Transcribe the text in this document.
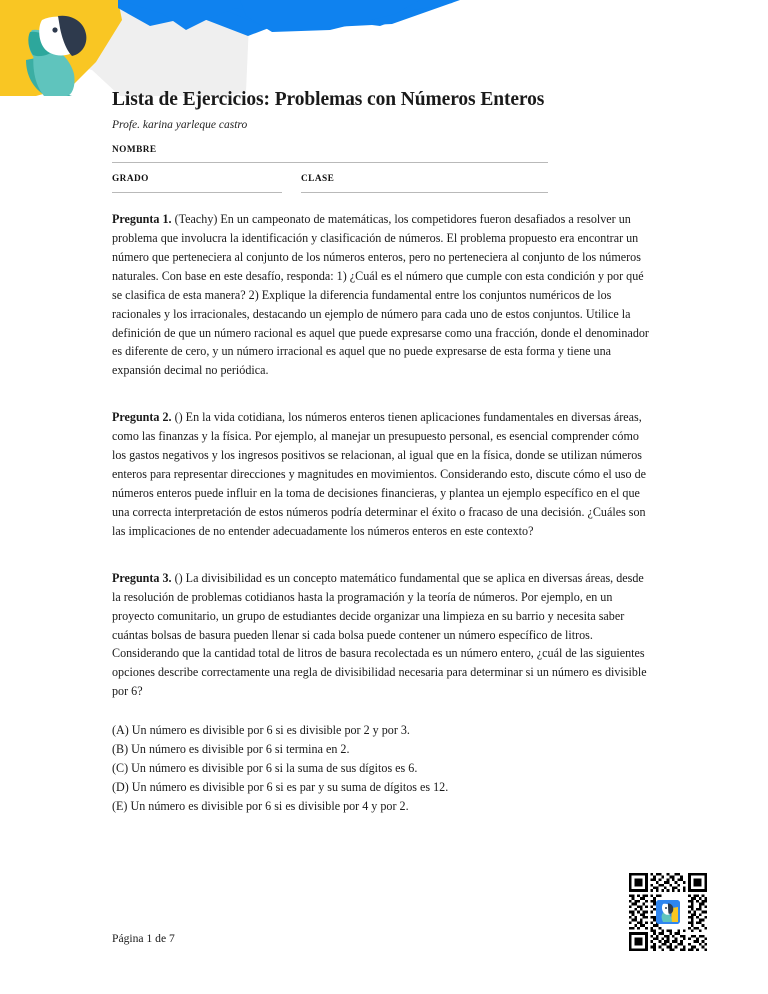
Lista de Ejercicios: Problemas con Números Enteros
Profe. karina yarleque castro
NOMBRE
GRADO	CLASE

Pregunta 1. (Teachy) En un campeonato de matemáticas, los competidores fueron desafiados a resolver un problema que involucra la identificación y clasificación de números. El problema propuesto era encontrar un número que perteneciera al conjunto de los números enteros, pero no perteneciera al conjunto de los números naturales. Con base en este desafío, responda: 1) ¿Cuál es el número que cumple con esta condición y por qué se clasifica de esta manera? 2) Explique la diferencia fundamental entre los conjuntos numéricos de los racionales y los irracionales, destacando un ejemplo de número para cada uno de estos conjuntos. Utilice la definición de que un número racional es aquel que puede expresarse como una fracción, donde el denominador es diferente de cero, y un número irracional es aquel que no puede expresarse de esta forma y tiene una expansión decimal no periódica.

Pregunta 2. () En la vida cotidiana, los números enteros tienen aplicaciones fundamentales en diversas áreas, como las finanzas y la física. Por ejemplo, al manejar un presupuesto personal, es esencial comprender cómo los gastos negativos y los ingresos positivos se relacionan, al igual que en la física, donde se utilizan números enteros para representar direcciones y magnitudes en movimientos. Considerando esto, discute cómo el uso de números enteros puede influir en la toma de decisiones financieras, y plantea un ejemplo específico en el que una correcta interpretación de estos números podría determinar el éxito o fracaso de una decisión. ¿Cuáles son las implicaciones de no entender adecuadamente los números enteros en este contexto?

Pregunta 3. () La divisibilidad es un concepto matemático fundamental que se aplica en diversas áreas, desde la resolución de problemas cotidianos hasta la programación y la teoría de números. Por ejemplo, en un proyecto comunitario, un grupo de estudiantes decide organizar una limpieza en su barrio y necesita saber cuántas bolsas de basura pueden llenar si cada bolsa puede contener un número específico de litros. Considerando que la cantidad total de litros de basura recolectada es un número entero, ¿cuál de las siguientes opciones describe correctamente una regla de divisibilidad necesaria para determinar si un número es divisible por 6?

(A) Un número es divisible por 6 si es divisible por 2 y por 3.
(B) Un número es divisible por 6 si termina en 2.
(C) Un número es divisible por 6 si la suma de sus dígitos es 6.
(D) Un número es divisible por 6 si es par y su suma de dígitos es 12.
(E) Un número es divisible por 6 si es divisible por 4 y por 2.
Página 1 de 7
